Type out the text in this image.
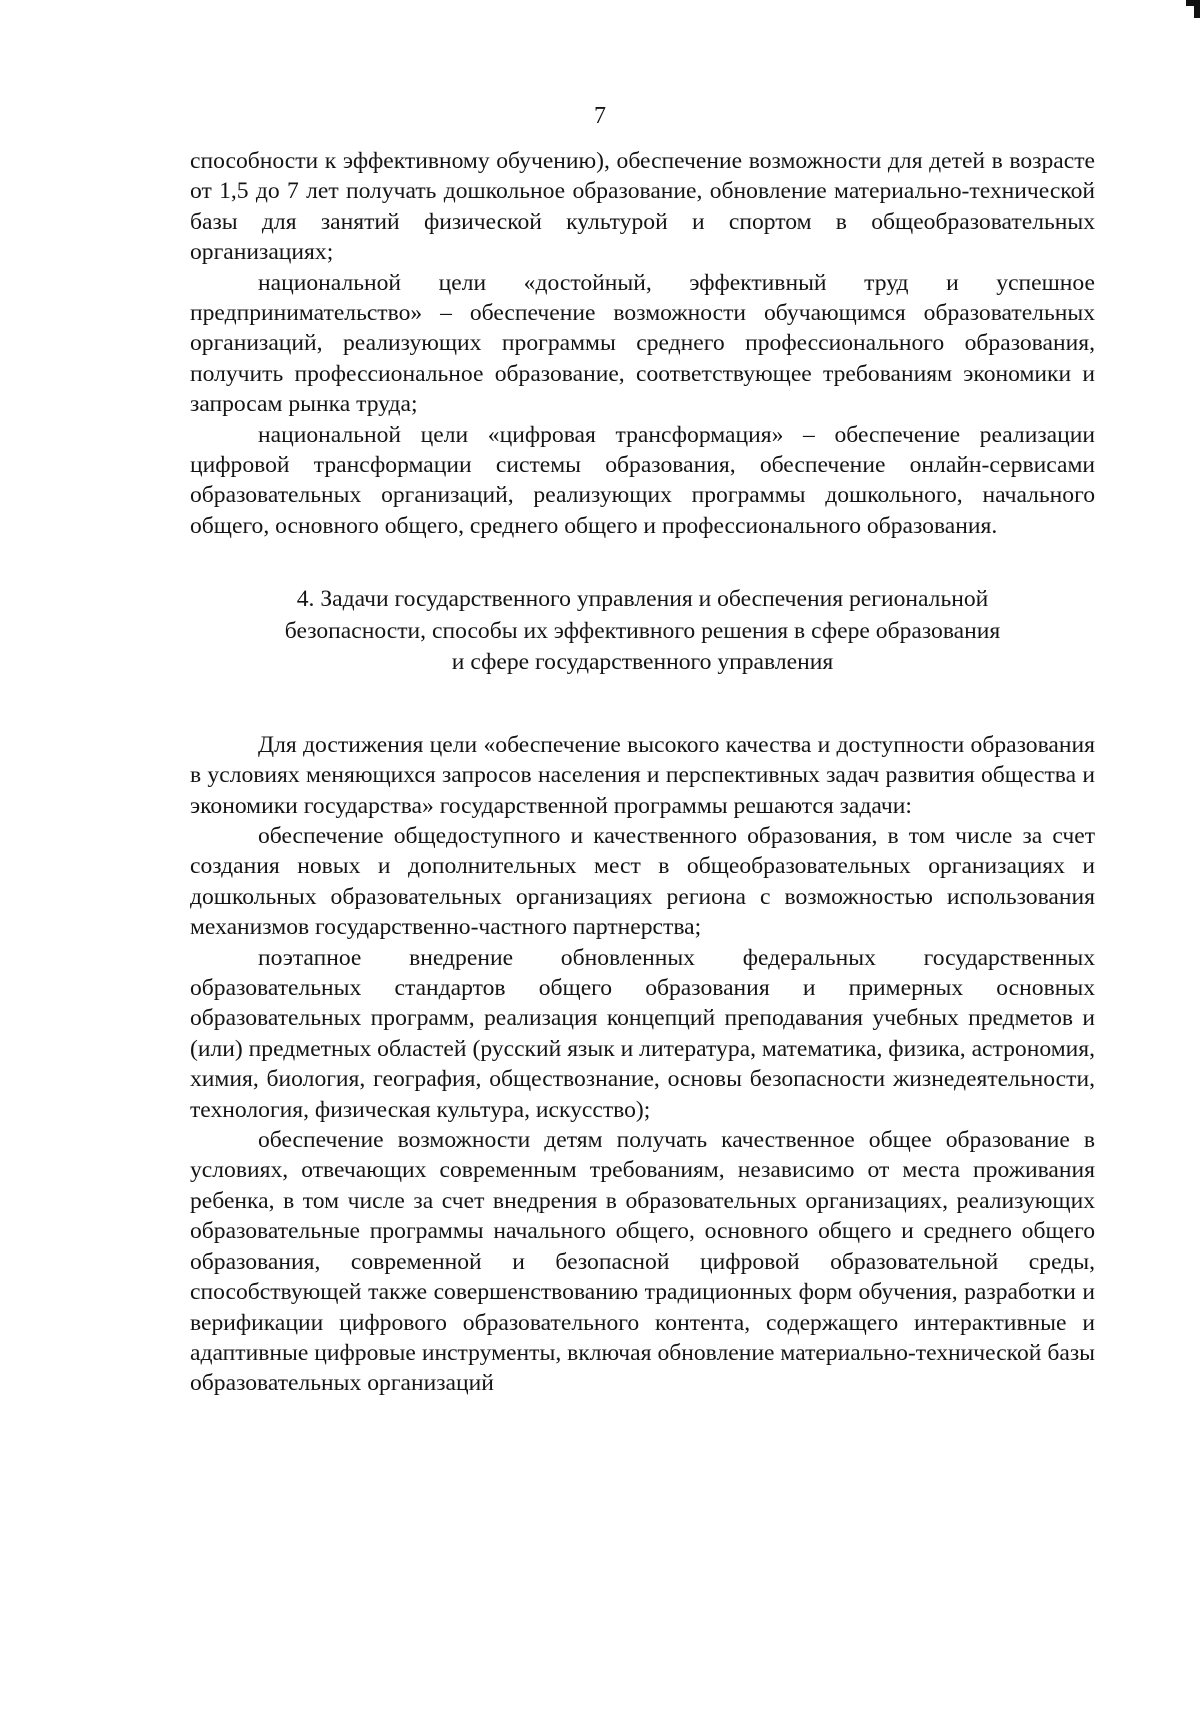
7

способности к эффективному обучению), обеспечение возможности для детей в возрасте от 1,5 до 7 лет получать дошкольное образование, обновление материально-технической базы для занятий физической культурой и спортом в общеобразовательных организациях;

национальной цели «достойный, эффективный труд и успешное предпринимательство» – обеспечение возможности обучающимся образовательных организаций, реализующих программы среднего профессионального образования, получить профессиональное образование, соответствующее требованиям экономики и запросам рынка труда;

национальной цели «цифровая трансформация» – обеспечение реализации цифровой трансформации системы образования, обеспечение онлайн-сервисами образовательных организаций, реализующих программы дошкольного, начального общего, основного общего, среднего общего и профессионального образования.

4. Задачи государственного управления и обеспечения региональной
безопасности, способы их эффективного решения в сфере образования
и сфере государственного управления

Для достижения цели «обеспечение высокого качества и доступности образования в условиях меняющихся запросов населения и перспективных задач развития общества и экономики государства» государственной программы решаются задачи:

обеспечение общедоступного и качественного образования, в том числе за счет создания новых и дополнительных мест в общеобразовательных организациях и дошкольных образовательных организациях региона с возможностью использования механизмов государственно-частного партнерства;

поэтапное внедрение обновленных федеральных государственных образовательных стандартов общего образования и примерных основных образовательных программ, реализация концепций преподавания учебных предметов и (или) предметных областей (русский язык и литература, математика, физика, астрономия, химия, биология, география, обществознание, основы безопасности жизнедеятельности, технология, физическая культура, искусство);

обеспечение возможности детям получать качественное общее образование в условиях, отвечающих современным требованиям, независимо от места проживания ребенка, в том числе за счет внедрения в образовательных организациях, реализующих образовательные программы начального общего, основного общего и среднего общего образования, современной и безопасной цифровой образовательной среды, способствующей также совершенствованию традиционных форм обучения, разработки и верификации цифрового образовательного контента, содержащего интерактивные и адаптивные цифровые инструменты, включая обновление материально-технической базы образовательных организаций
